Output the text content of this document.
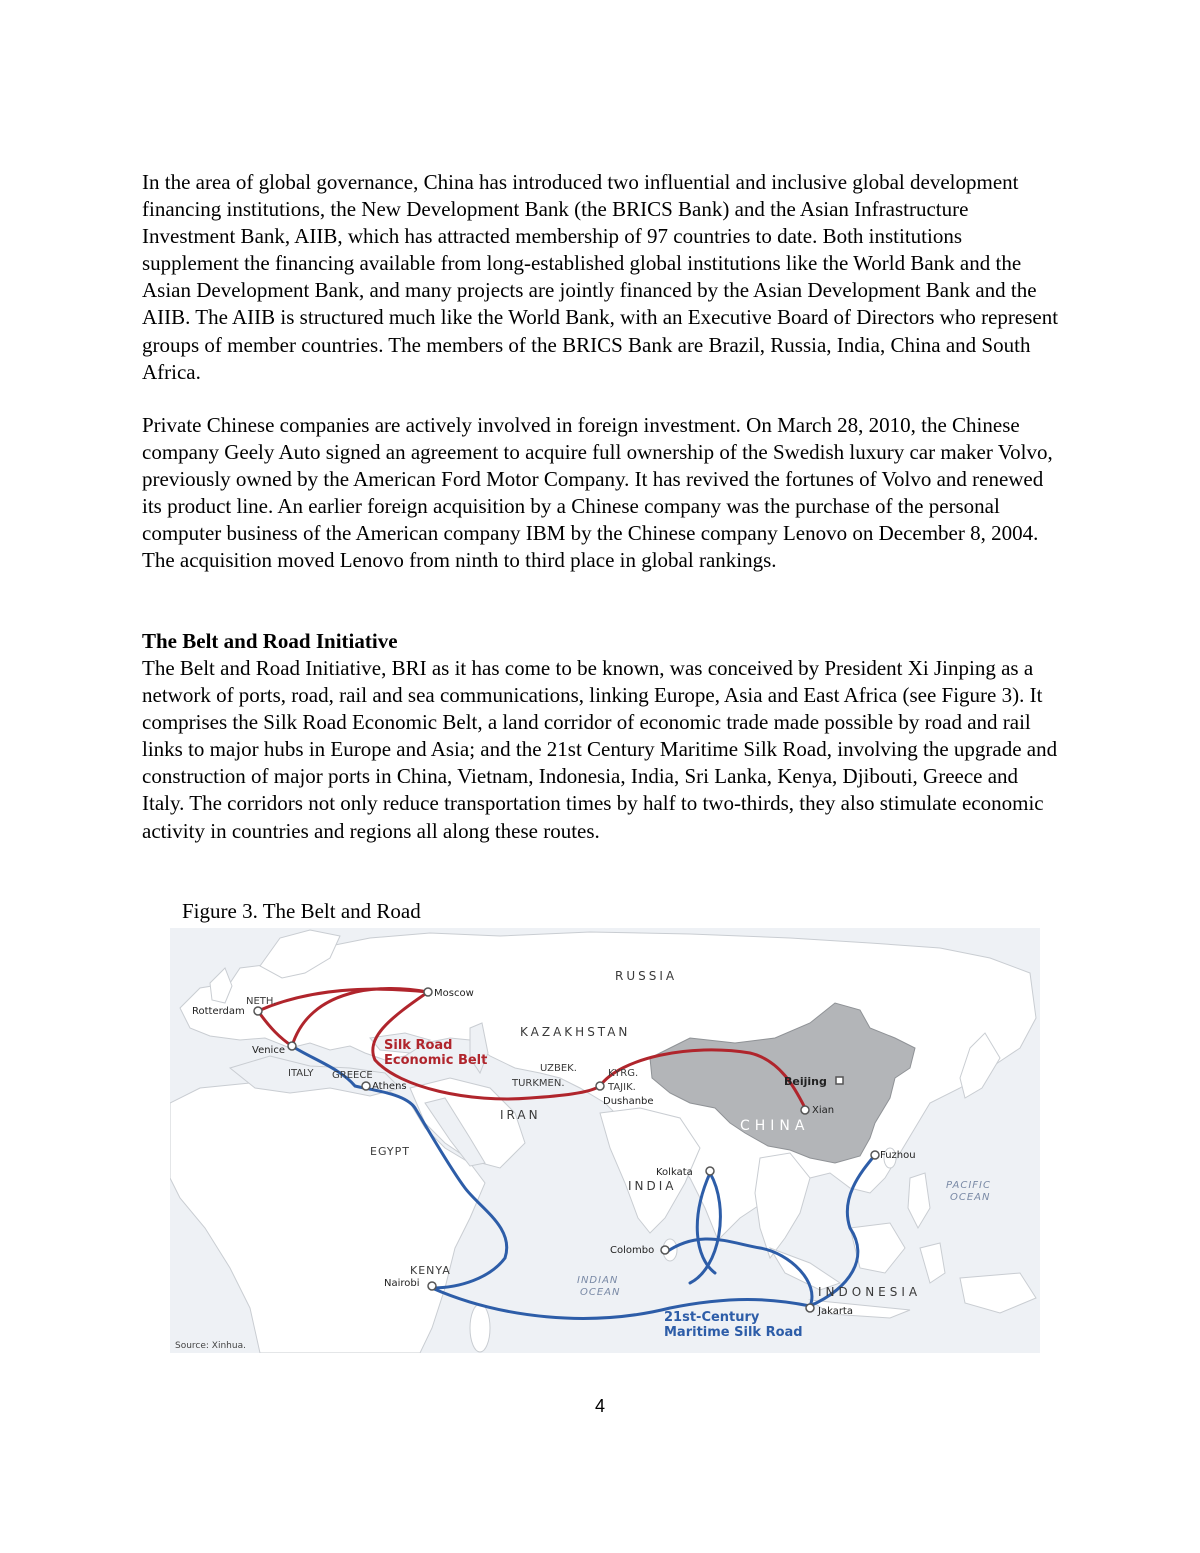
In the area of global governance, China has introduced two influential and inclusive global development financing institutions, the New Development Bank (the BRICS Bank) and the Asian Infrastructure Investment Bank, AIIB, which has attracted membership of 97 countries to date. Both institutions supplement the financing available from long-established global institutions like the World Bank and the Asian Development Bank, and many projects are jointly financed by the Asian Development Bank and the AIIB. The AIIB is structured much like the World Bank, with an Executive Board of Directors who represent groups of member countries. The members of the BRICS Bank are Brazil, Russia, India, China and South Africa.

Private Chinese companies are actively involved in foreign investment. On March 28, 2010, the Chinese company Geely Auto signed an agreement to acquire full ownership of the Swedish luxury car maker Volvo, previously owned by the American Ford Motor Company. It has revived the fortunes of Volvo and renewed its product line. An earlier foreign acquisition by a Chinese company was the purchase of the personal computer business of the American company IBM by the Chinese company Lenovo on December 8, 2004. The acquisition moved Lenovo from ninth to third place in global rankings.

The Belt and Road Initiative

The Belt and Road Initiative, BRI as it has come to be known, was conceived by President Xi Jinping as a network of ports, road, rail and sea communications, linking Europe, Asia and East Africa (see Figure 3). It comprises the Silk Road Economic Belt, a land corridor of economic trade made possible by road and rail links to major hubs in Europe and Asia; and the 21st Century Maritime Silk Road, involving the upgrade and construction of major ports in China, Vietnam, Indonesia, India, Sri Lanka, Kenya, Djibouti, Greece and Italy. The corridors not only reduce transportation times by half to two-thirds, they also stimulate economic activity in countries and regions all along these routes.

Figure 3. The Belt and Road

RUSSIA
KAZAKHSTAN
IRAN
INDIA
EGYPT
KENYA
INDONESIA
UZBEK.
TURKMEN.
KYRG.
TAJIK.
NETH.
ITALY GREECE
CHINA
PACIFIC
OCEAN
INDIAN
OCEAN
Moscow
Rotterdam
Venice
Athens
Dushanbe
Beijing
Xian
Fuzhou
Kolkata
Colombo
Nairobi
Jakarta
Silk Road
Economic Belt
21st-Century
Maritime Silk Road
Source: Xinhua.
4
